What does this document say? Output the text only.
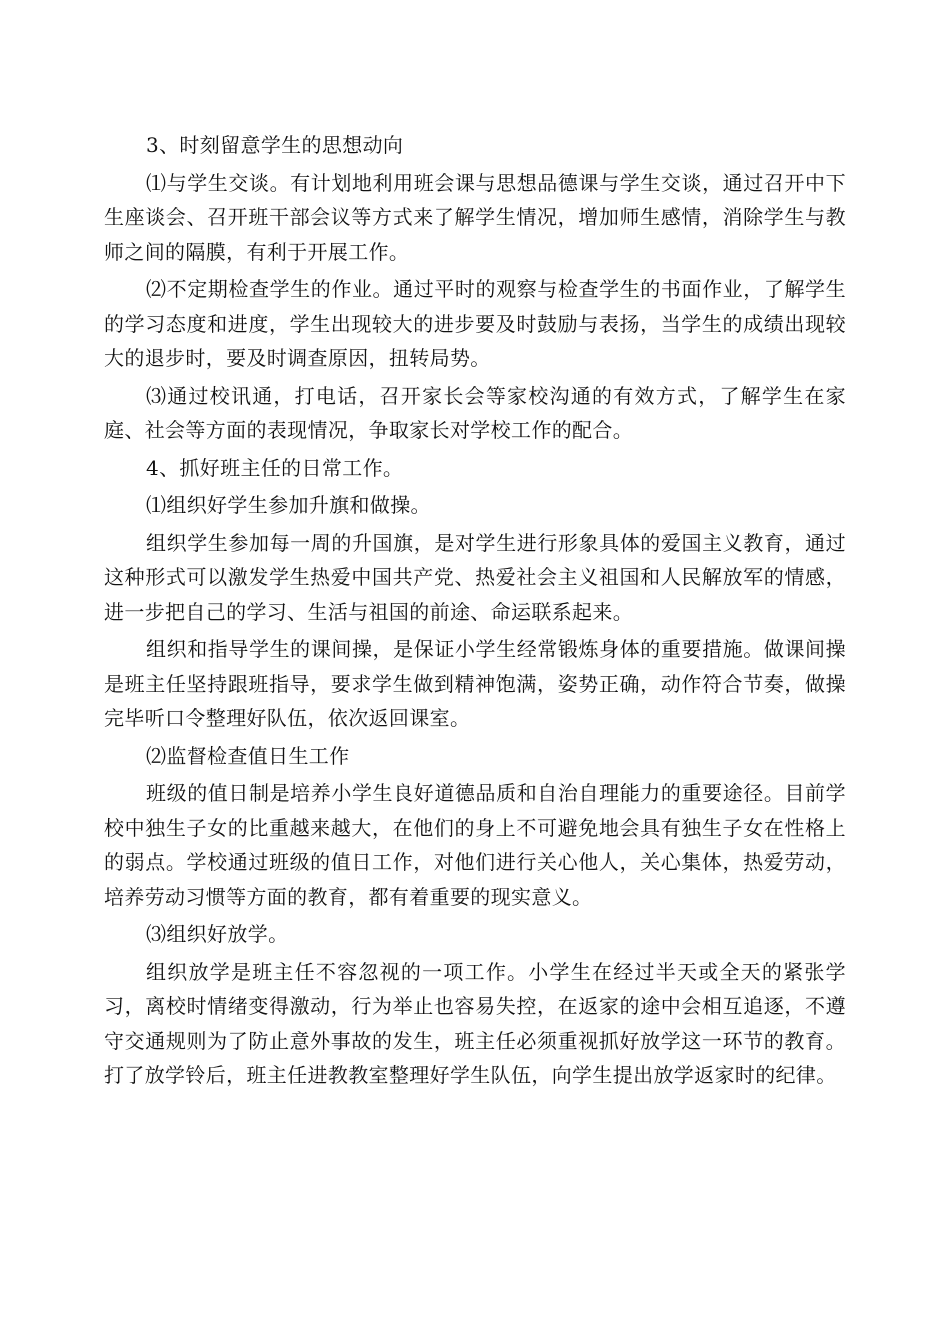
3、时刻留意学生的思想动向

⑴与学生交谈。有计划地利用班会课与思想品德课与学生交谈，通过召开中下生座谈会、召开班干部会议等方式来了解学生情况，增加师生感情，消除学生与教师之间的隔膜，有利于开展工作。

⑵不定期检查学生的作业。通过平时的观察与检查学生的书面作业，了解学生的学习态度和进度，学生出现较大的进步要及时鼓励与表扬，当学生的成绩出现较大的退步时，要及时调查原因，扭转局势。

⑶通过校讯通，打电话，召开家长会等家校沟通的有效方式，了解学生在家庭、社会等方面的表现情况，争取家长对学校工作的配合。

4、抓好班主任的日常工作。

⑴组织好学生参加升旗和做操。

组织学生参加每一周的升国旗，是对学生进行形象具体的爱国主义教育，通过这种形式可以激发学生热爱中国共产党、热爱社会主义祖国和人民解放军的情感，进一步把自己的学习、生活与祖国的前途、命运联系起来。

组织和指导学生的课间操，是保证小学生经常锻炼身体的重要措施。做课间操是班主任坚持跟班指导，要求学生做到精神饱满，姿势正确，动作符合节奏，做操完毕听口令整理好队伍，依次返回课室。

⑵监督检查值日生工作

班级的值日制是培养小学生良好道德品质和自治自理能力的重要途径。目前学校中独生子女的比重越来越大，在他们的身上不可避免地会具有独生子女在性格上的弱点。学校通过班级的值日工作，对他们进行关心他人，关心集体，热爱劳动，培养劳动习惯等方面的教育，都有着重要的现实意义。

⑶组织好放学。

组织放学是班主任不容忽视的一项工作。小学生在经过半天或全天的紧张学习，离校时情绪变得激动，行为举止也容易失控，在返家的途中会相互追逐，不遵守交通规则为了防止意外事故的发生，班主任必须重视抓好放学这一环节的教育。打了放学铃后，班主任进教教室整理好学生队伍，向学生提出放学返家时的纪律。
